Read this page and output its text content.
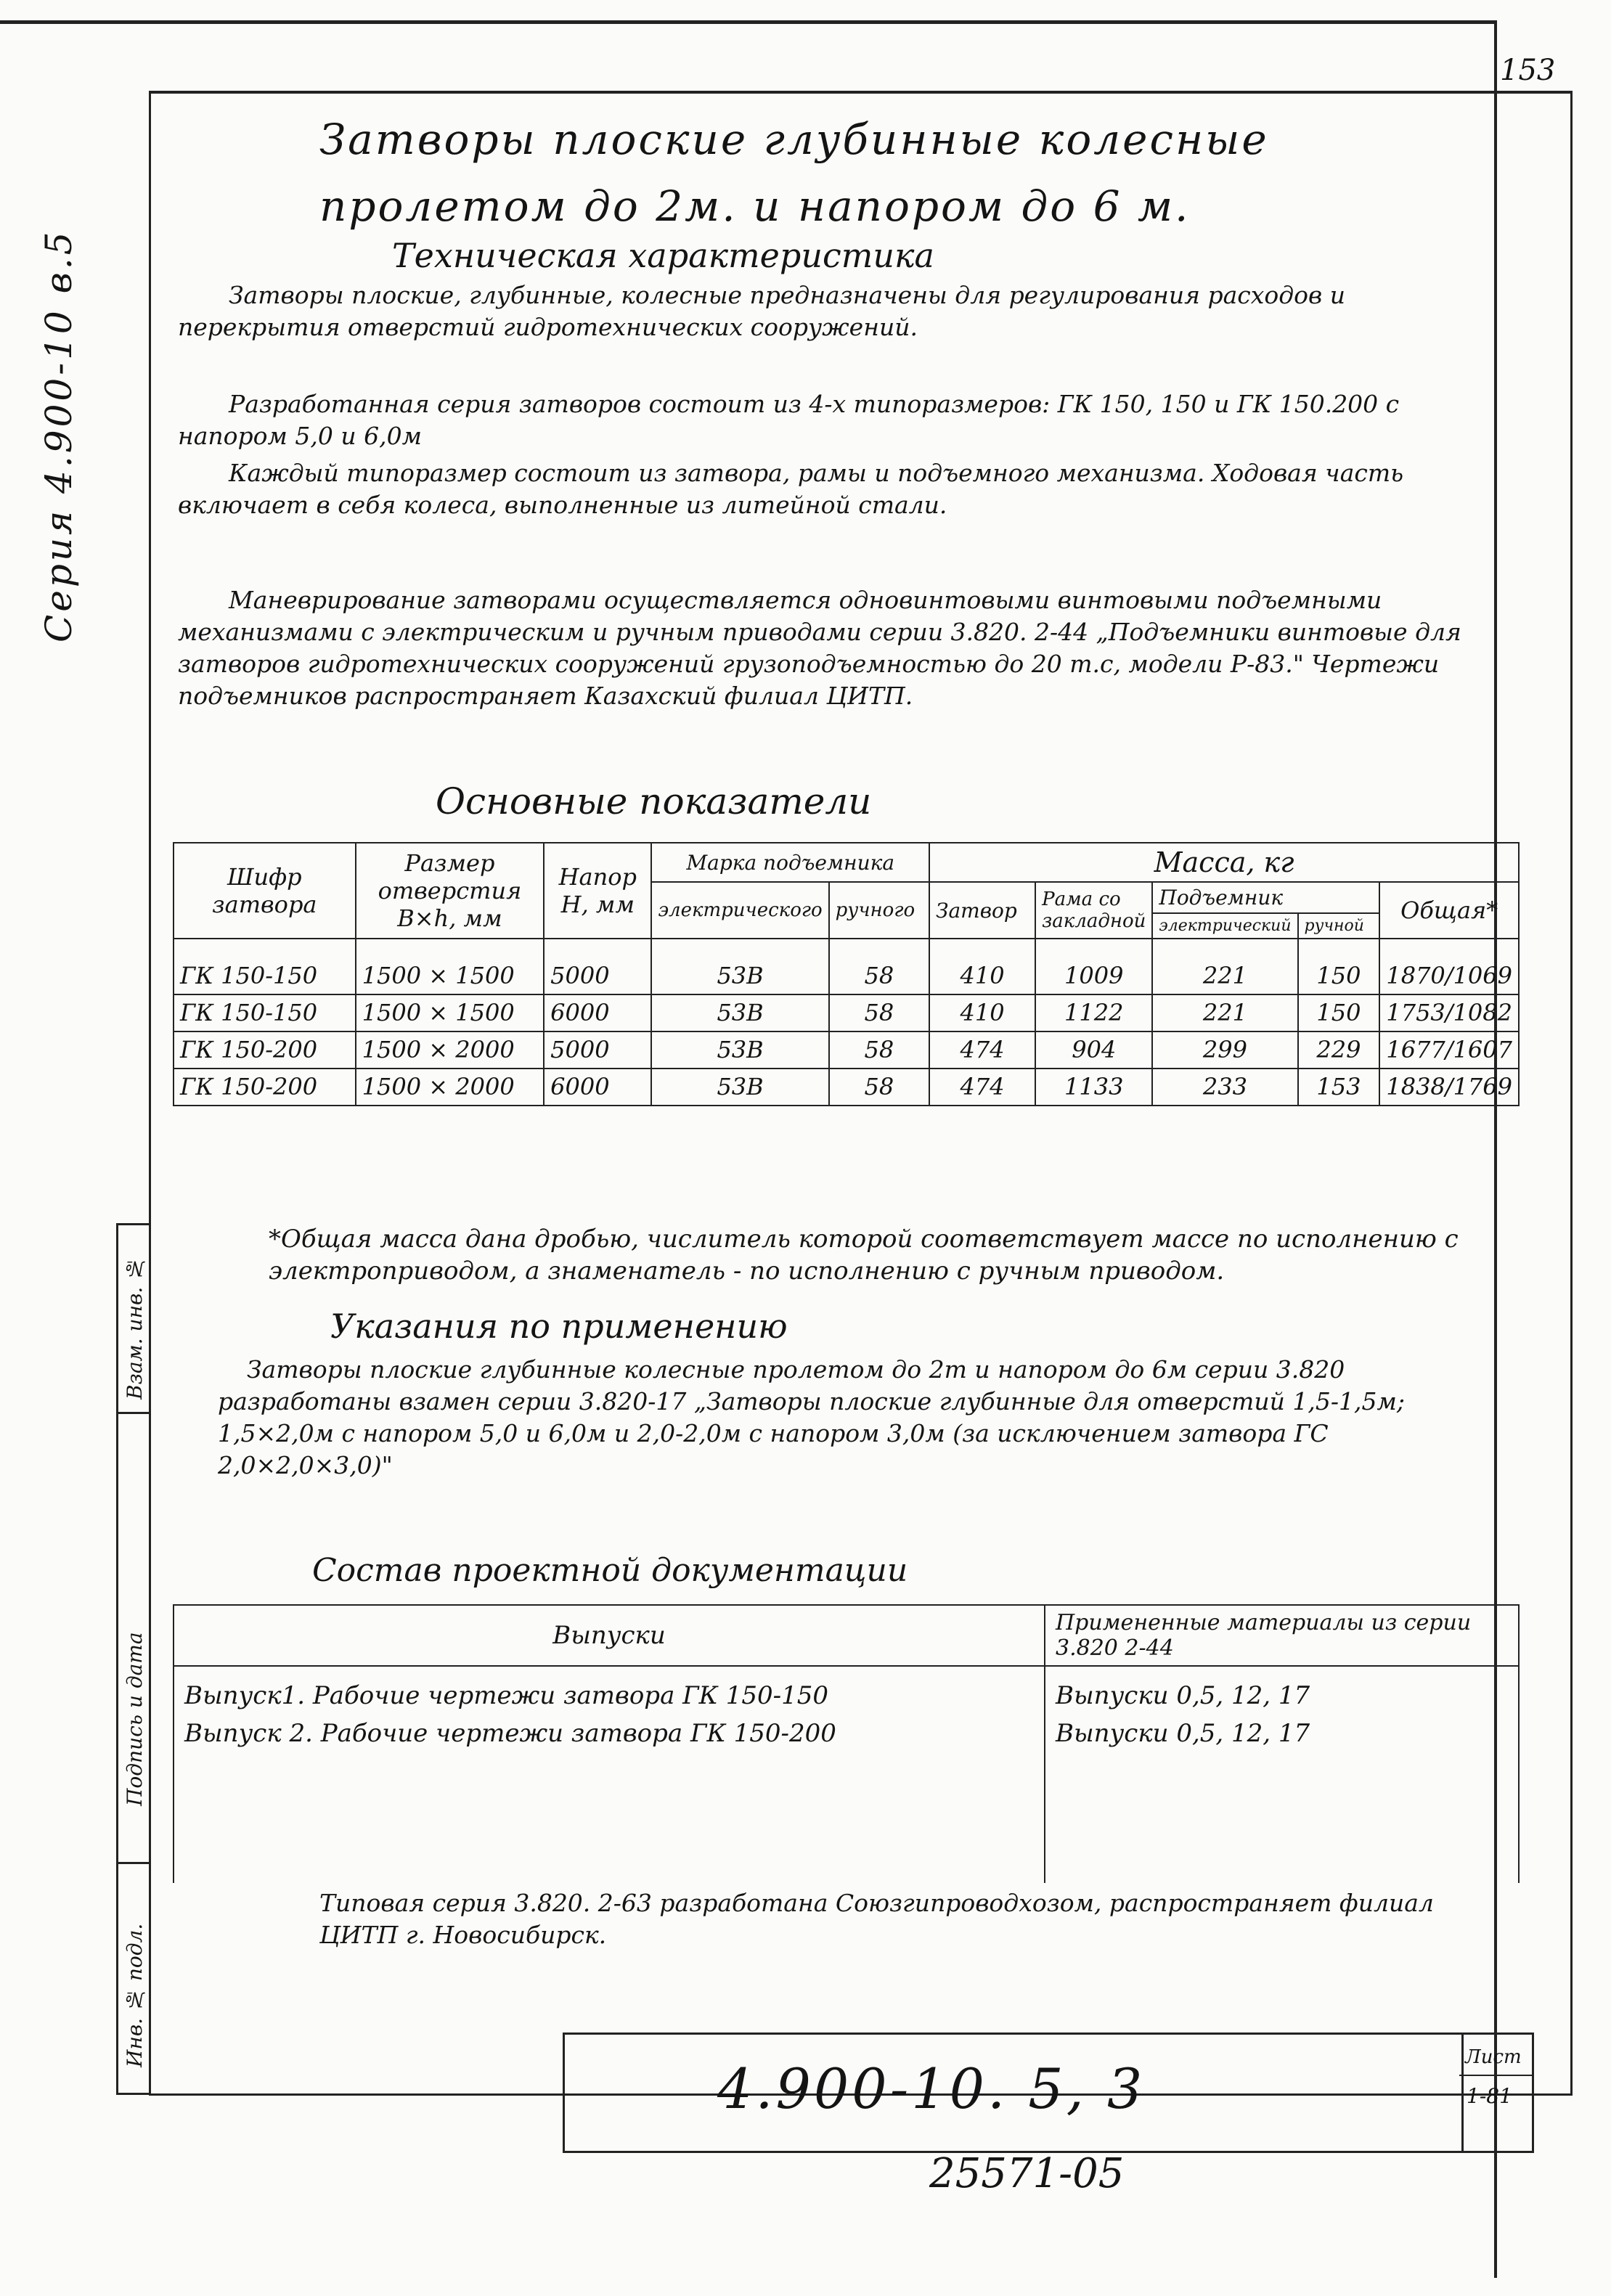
153
Серия 4.900-10 в.5
Взам. инв. №
Подпись и дата
Инв. № подл.
Затворы плоские глубинные колесные
пролетом до 2м. и напором до 6 м.
Техническая характеристика
Затворы плоские, глубинные, колесные предназначены для регулирования расходов и перекрытия отверстий гидротехнических сооружений.
Разработанная серия затворов состоит из 4-х типоразмеров: ГК 150, 150 и ГК 150.200 с напором 5,0 и 6,0м
Каждый типоразмер состоит из затвора, рамы и подъемного механизма. Ходовая часть включает в себя колеса, выполненные из литейной стали.
Маневрирование затворами осуществляется одновинтовыми винтовыми подъемными механизмами с электрическим и ручным приводами серии 3.820. 2-44 „Подъемники винтовые для затворов гидротехнических сооружений грузоподъемностью до 20 т.с, модели Р-83." Чертежи подъемников распространяет Казахский филиал ЦИТП.
Основные показатели
Шифр затвора	Размер отверстия B×h, мм	Напор H, мм	Марка подъемника		Масса, кг				
			электрического	ручного	Затвор	Рама со закладной	Подъемник		Общая*
							электрический	ручной	
ГК 150-150	1500 × 1500	5000	53В	58	410	1009	221	150	1870/1069
ГК 150-150	1500 × 1500	6000	53В	58	410	1122	221	150	1753/1082
ГК 150-200	1500 × 2000	5000	53В	58	474	904	299	229	1677/1607
ГК 150-200	1500 × 2000	6000	53В	58	474	1133	233	153	1838/1769
*Общая масса дана дробью, числитель которой соответствует массе по исполнению с электроприводом, а знаменатель - по исполнению с ручным приводом.
Указания по применению
Затворы плоские глубинные колесные пролетом до 2m и напором до 6м серии 3.820 разработаны взамен серии 3.820-17 „Затворы плоские глубинные для отверстий 1,5-1,5м; 1,5×2,0м с напором 5,0 и 6,0м и 2,0-2,0м с напором 3,0м (за исключением затвора ГС 2,0×2,0×3,0)"
Состав проектной документации
Выпуски	Примененные материалы из серии 3.820 2-44
Выпуск1. Рабочие чертежи затвора ГК 150-150	Выпуски 0,5, 12, 17
Выпуск 2. Рабочие чертежи затвора ГК 150-200	Выпуски 0,5, 12, 17
Типовая серия 3.820. 2-63 разработана Союзгипроводхозом, распространяет филиал ЦИТП г. Новосибирск.
4.900-10. 5, 3	Лист
1-81
25571-05
